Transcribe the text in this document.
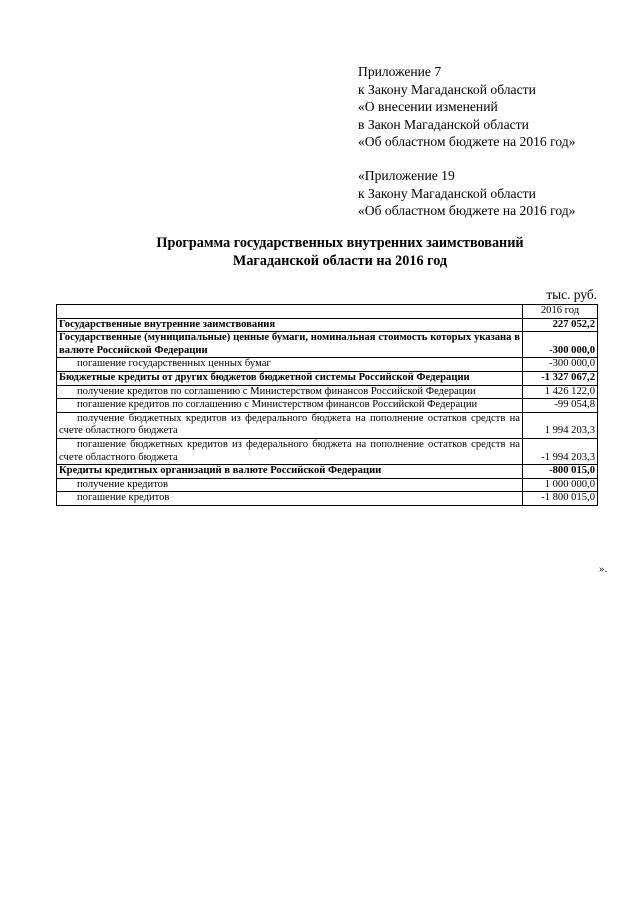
Приложение 7
к Закону Магаданской области
«О внесении изменений
в Закон Магаданской области
«Об областном бюджете на 2016 год»
«Приложение 19
к Закону Магаданской области
«Об областном бюджете на 2016 год»
Программа государственных внутренних заимствований
Магаданской области на 2016 год
тыс. руб.
	2016 год
Государственные внутренние заимствования	227 052,2
Государственные (муниципальные) ценные бумаги, номинальная стоимость которых указана в валюте Российской Федерации	-300 000,0
погашение государственных ценных бумаг	-300 000,0
Бюджетные кредиты от других бюджетов бюджетной системы Российской Федерации	-1 327 067,2
получение кредитов по соглашению с Министерством финансов Российской Федерации	1 426 122,0
погашение кредитов по соглашению с Министерством финансов Российской Федерации	-99 054,8
получение бюджетных кредитов из федерального бюджета на пополнение остатков средств на счете областного бюджета	1 994 203,3
погашение бюджетных кредитов из федерального бюджета на пополнение остатков средств на счете областного бюджета	-1 994 203,3
Кредиты кредитных организаций в валюте Российской Федерации	-800 015,0
получение кредитов	1 000 000,0
погашение кредитов	-1 800 015,0
».
